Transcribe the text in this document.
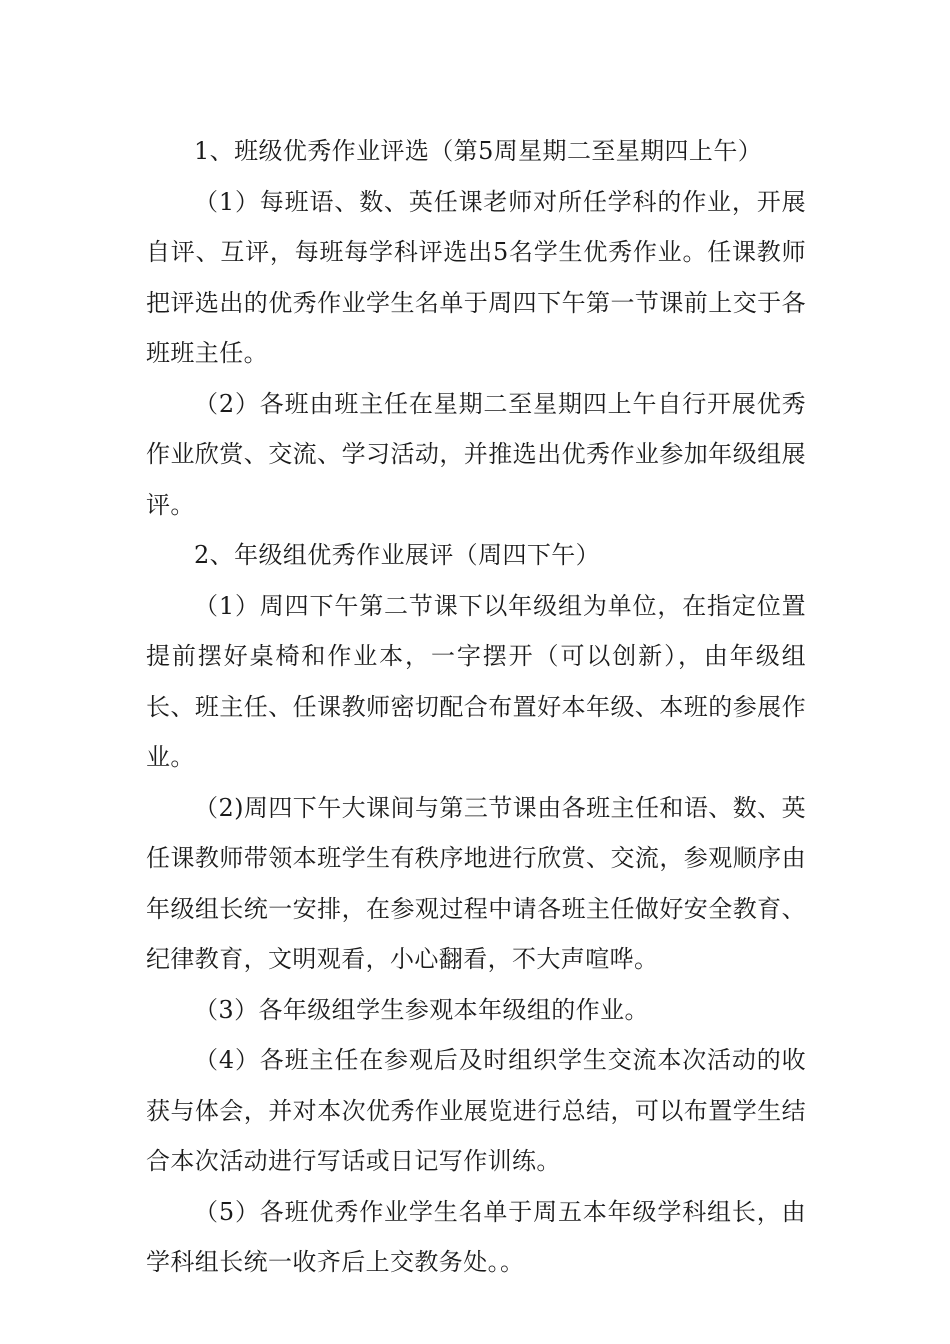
1、班级优秀作业评选（第5周星期二至星期四上午）

（1）每班语、数、英任课老师对所任学科的作业，开展自评、互评，每班每学科评选出5名学生优秀作业。任课教师把评选出的优秀作业学生名单于周四下午第一节课前上交于各班班主任。

（2）各班由班主任在星期二至星期四上午自行开展优秀作业欣赏、交流、学习活动，并推选出优秀作业参加年级组展评。

2、年级组优秀作业展评（周四下午）

（1）周四下午第二节课下以年级组为单位，在指定位置提前摆好桌椅和作业本，一字摆开（可以创新），由年级组长、班主任、任课教师密切配合布置好本年级、本班的参展作业。

（2)周四下午大课间与第三节课由各班主任和语、数、英任课教师带领本班学生有秩序地进行欣赏、交流，参观顺序由年级组长统一安排，在参观过程中请各班主任做好安全教育、纪律教育，文明观看，小心翻看，不大声喧哗。

（3）各年级组学生参观本年级组的作业。

（4）各班主任在参观后及时组织学生交流本次活动的收获与体会，并对本次优秀作业展览进行总结，可以布置学生结合本次活动进行写话或日记写作训练。

（5）各班优秀作业学生名单于周五本年级学科组长，由学科组长统一收齐后上交教务处。。
